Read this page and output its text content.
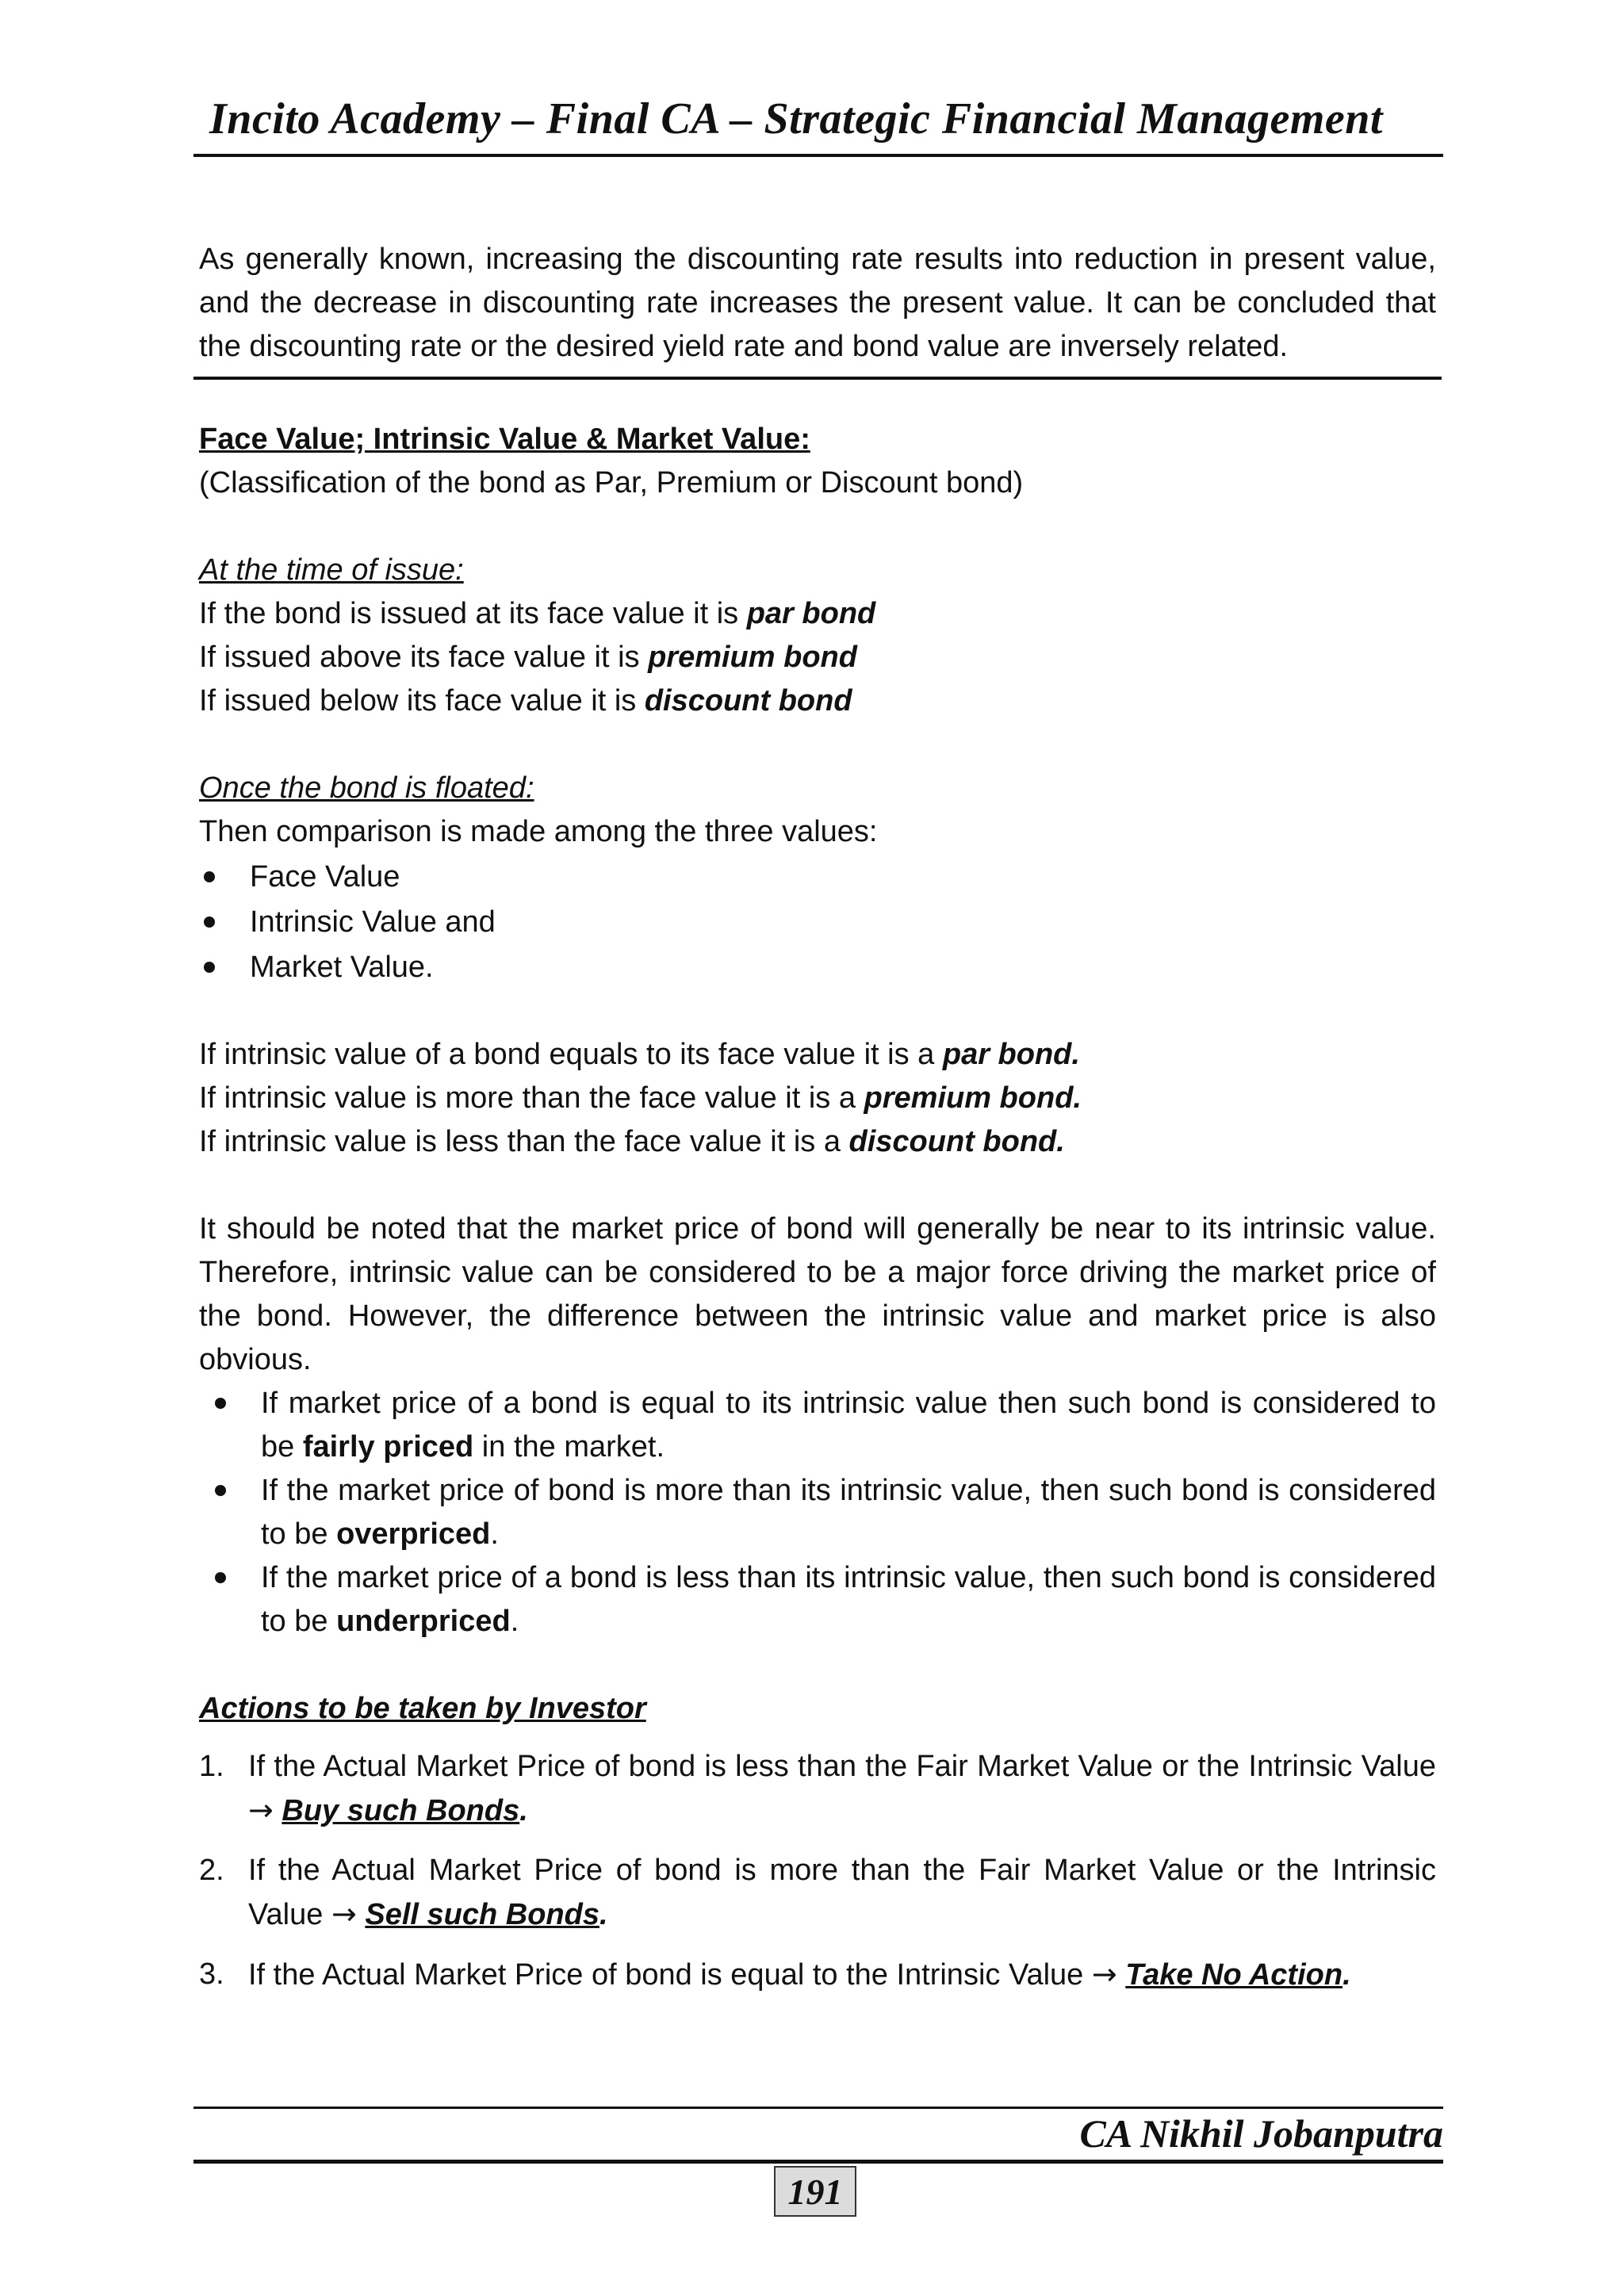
Incito Academy – Final CA – Strategic Financial Management

As generally known, increasing the discounting rate results into reduction in present value, and the decrease in discounting rate increases the present value. It can be concluded that the discounting rate or the desired yield rate and bond value are inversely related.

Face Value; Intrinsic Value & Market Value:

(Classification of the bond as Par, Premium or Discount bond)

At the time of issue:

If the bond is issued at its face value it is par bond

If issued above its face value it is premium bond

If issued below its face value it is discount bond

Once the bond is floated:

Then comparison is made among the three values:

Face Value
Intrinsic Value and
Market Value.

If intrinsic value of a bond equals to its face value it is a par bond.

If intrinsic value is more than the face value it is a premium bond.

If intrinsic value is less than the face value it is a discount bond.

It should be noted that the market price of bond will generally be near to its intrinsic value. Therefore, intrinsic value can be considered to be a major force driving the market price of the bond. However, the difference between the intrinsic value and market price is also obvious.

If market price of a bond is equal to its intrinsic value then such bond is considered to be fairly priced in the market.
If the market price of bond is more than its intrinsic value, then such bond is considered to be overpriced.
If the market price of a bond is less than its intrinsic value, then such bond is considered to be underpriced.

Actions to be taken by Investor

1. If the Actual Market Price of bond is less than the Fair Market Value or the Intrinsic Value → Buy such Bonds.
2. If the Actual Market Price of bond is more than the Fair Market Value or the Intrinsic Value → Sell such Bonds.
3. If the Actual Market Price of bond is equal to the Intrinsic Value → Take No Action.
CA Nikhil Jobanputra
191
